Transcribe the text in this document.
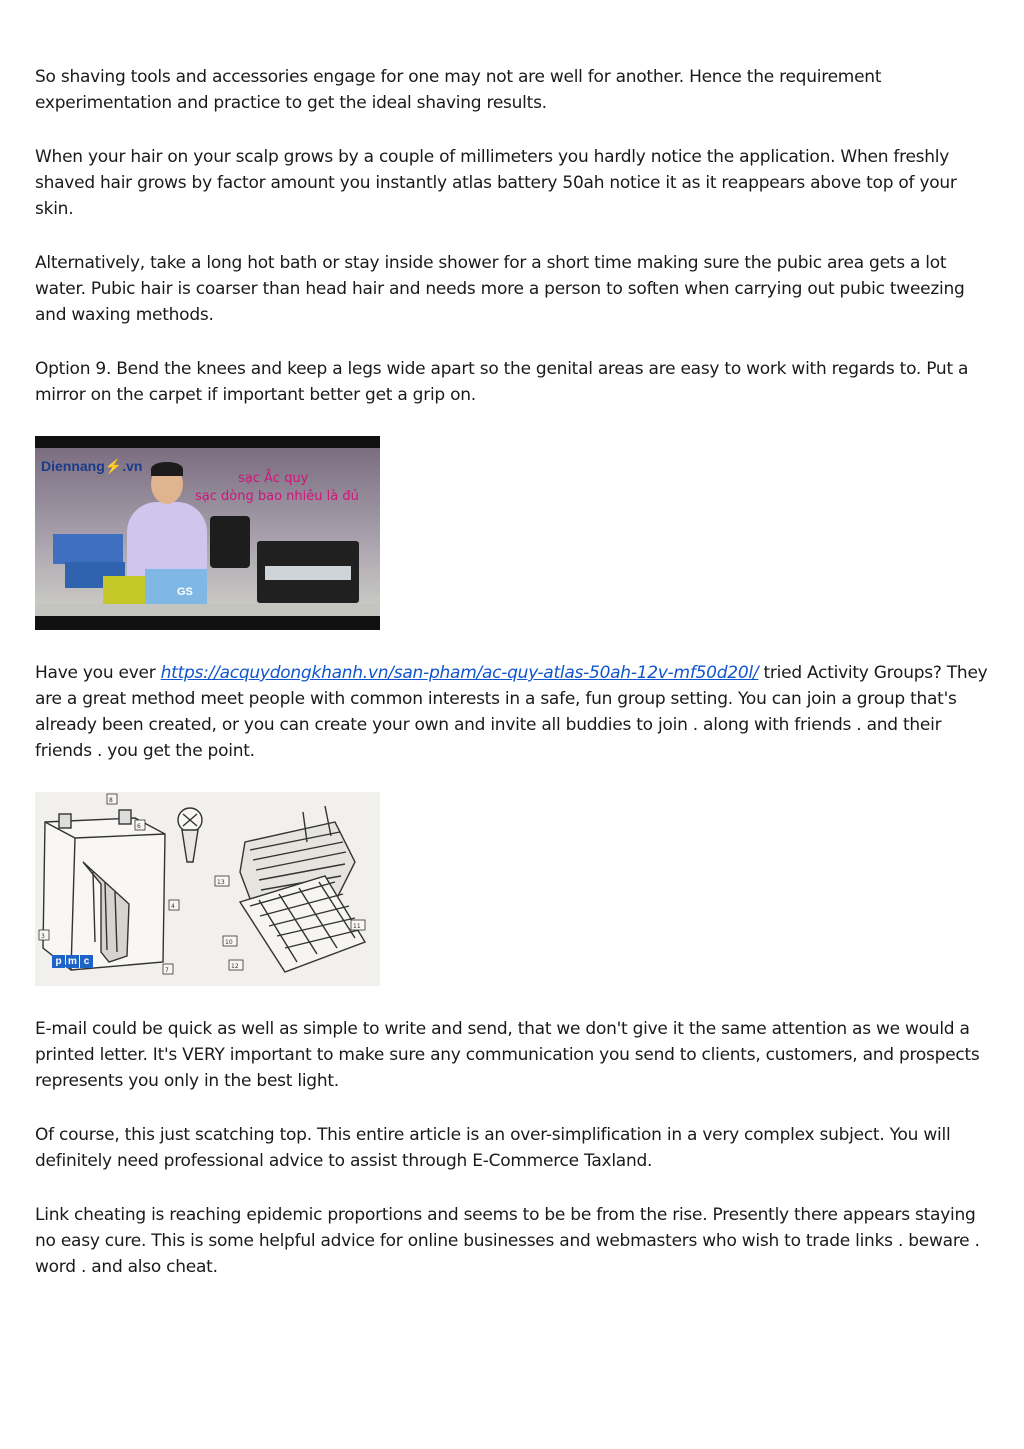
So shaving tools and accessories engage for one may not are well for another. Hence the requirement experimentation and practice to get the ideal shaving results.

When your hair on your scalp grows by a couple of millimeters you hardly notice the application. When freshly shaved hair grows by factor amount you instantly atlas battery 50ah notice it as it reappears above top of your skin.

Alternatively, take a long hot bath or stay inside shower for a short time making sure the pubic area gets a lot water. Pubic hair is coarser than head hair and needs more a person to soften when carrying out pubic tweezing and waxing methods.

Option 9. Bend the knees and keep a legs wide apart so the genital areas are easy to work with regards to. Put a mirror on the carpet if important better get a grip on.

Diennang⚡.vn
sạc Ắc quy
sạc dòng bao nhiêu là đủ
GS

Have you ever https://acquydongkhanh.vn/san-pham/ac-quy-atlas-50ah-12v-mf50d20l/ tried Activity Groups? They are a great method meet people with common interests in a safe, fun group setting. You can join a group that's already been created, or you can create your own and invite all buddies to join . along with friends . and their friends . you get the point.

8
6
4
3
7
13
10
12
11
p m c

E-mail could be quick as well as simple to write and send, that we don't give it the same attention as we would a printed letter. It's VERY important to make sure any communication you send to clients, customers, and prospects represents you only in the best light.

Of course, this just scatching top. This entire article is an over-simplification in a very complex subject. You will definitely need professional advice to assist through E-Commerce Taxland.

Link cheating is reaching epidemic proportions and seems to be be from the rise. Presently there appears staying no easy cure. This is some helpful advice for online businesses and webmasters who wish to trade links . beware . word . and also cheat.
